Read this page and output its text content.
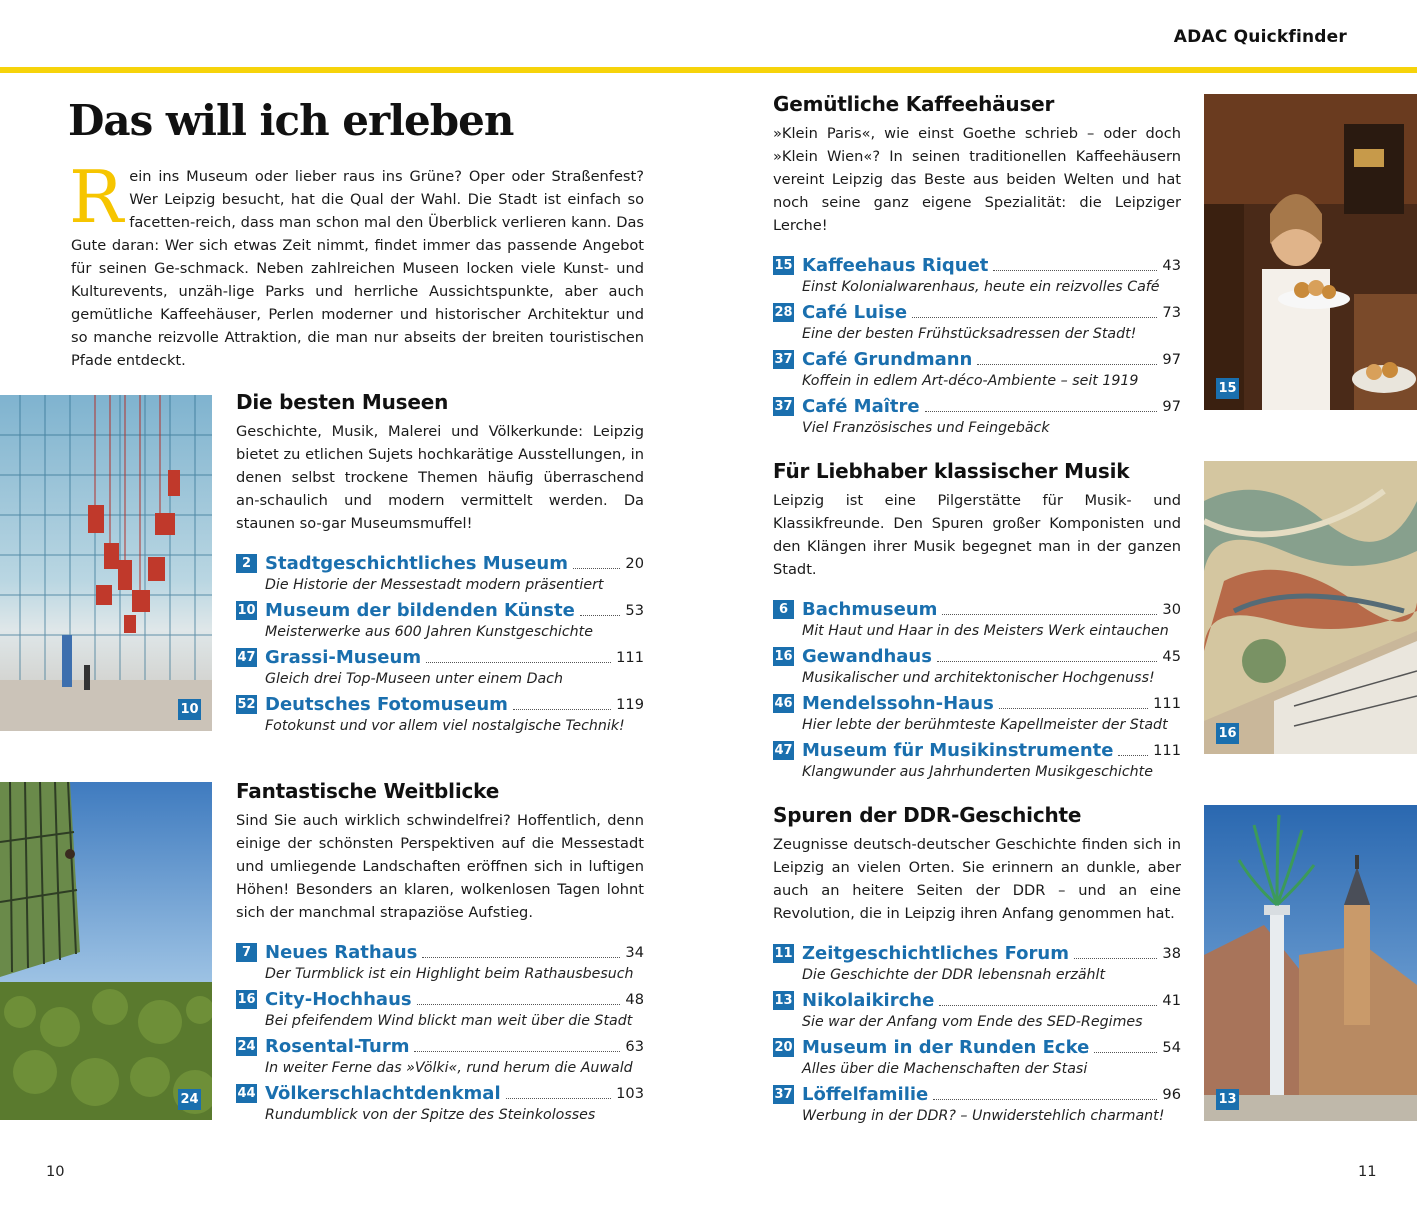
ADAC Quickfinder
Das will ich erleben
R ein ins Museum oder lieber raus ins Grüne? Oper oder Straßenfest? Wer Leipzig besucht, hat die Qual der Wahl. Die Stadt ist einfach so facetten-reich, dass man schon mal den Überblick verlieren kann. Das Gute daran: Wer sich etwas Zeit nimmt, findet immer das passende Angebot für seinen Ge-schmack. Neben zahlreichen Museen locken viele Kunst- und Kulturevents, unzäh-lige Parks und herrliche Aussichtspunkte, aber auch gemütliche Kaffeehäuser, Perlen moderner und historischer Architektur und so manche reizvolle Attraktion, die man nur abseits der breiten touristischen Pfade entdeckt.
10
24
15
16
13
Die besten Museen
Geschichte, Musik, Malerei und Völkerkunde: Leipzig bietet zu etlichen Sujets hochkarätige Ausstellungen, in denen selbst trockene Themen häufig überraschend an-schaulich und modern vermittelt werden. Da staunen so-gar Museumsmuffel!
2 Stadtgeschichtliches Museum	20
Die Historie der Messestadt modern präsentiert
10 Museum der bildenden Künste	53
Meisterwerke aus 600 Jahren Kunstgeschichte
47 Grassi-Museum	111
Gleich drei Top-Museen unter einem Dach
52 Deutsches Fotomuseum	119
Fotokunst und vor allem viel nostalgische Technik!
Fantastische Weitblicke
Sind Sie auch wirklich schwindelfrei? Hoffentlich, denn einige der schönsten Perspektiven auf die Messestadt und umliegende Landschaften eröffnen sich in luftigen Höhen! Besonders an klaren, wolkenlosen Tagen lohnt sich der manchmal strapaziöse Aufstieg.
7 Neues Rathaus	34
Der Turmblick ist ein Highlight beim Rathausbesuch
16 City-Hochhaus	48
Bei pfeifendem Wind blickt man weit über die Stadt
24 Rosental-Turm	63
In weiter Ferne das »Völki«, rund herum die Auwald
44 Völkerschlachtdenkmal	103
Rundumblick von der Spitze des Steinkolosses
Gemütliche Kaffeehäuser
»Klein Paris«, wie einst Goethe schrieb – oder doch »Klein Wien«? In seinen traditionellen Kaffeehäusern vereint Leipzig das Beste aus beiden Welten und hat noch seine ganz eigene Spezialität: die Leipziger Lerche!
15 Kaffeehaus Riquet	43
Einst Kolonialwarenhaus, heute ein reizvolles Café
28 Café Luise	73
Eine der besten Frühstücksadressen der Stadt!
37 Café Grundmann	97
Koffein in edlem Art-déco-Ambiente – seit 1919
37 Café Maître	97
Viel Französisches und Feingebäck
Für Liebhaber klassischer Musik
Leipzig ist eine Pilgerstätte für Musik- und Klassikfreunde. Den Spuren großer Komponisten und den Klängen ihrer Musik begegnet man in der ganzen Stadt.
6 Bachmuseum	30
Mit Haut und Haar in des Meisters Werk eintauchen
16 Gewandhaus	45
Musikalischer und architektonischer Hochgenuss!
46 Mendelssohn-Haus	111
Hier lebte der berühmteste Kapellmeister der Stadt
47 Museum für Musikinstrumente	111
Klangwunder aus Jahrhunderten Musikgeschichte
Spuren der DDR-Geschichte
Zeugnisse deutsch-deutscher Geschichte finden sich in Leipzig an vielen Orten. Sie erinnern an dunkle, aber auch an heitere Seiten der DDR – und an eine Revolution, die in Leipzig ihren Anfang genommen hat.
11 Zeitgeschichtliches Forum	38
Die Geschichte der DDR lebensnah erzählt
13 Nikolaikirche	41
Sie war der Anfang vom Ende des SED-Regimes
20 Museum in der Runden Ecke	54
Alles über die Machenschaften der Stasi
37 Löffelfamilie	96
Werbung in der DDR? – Unwiderstehlich charmant!
10	11
